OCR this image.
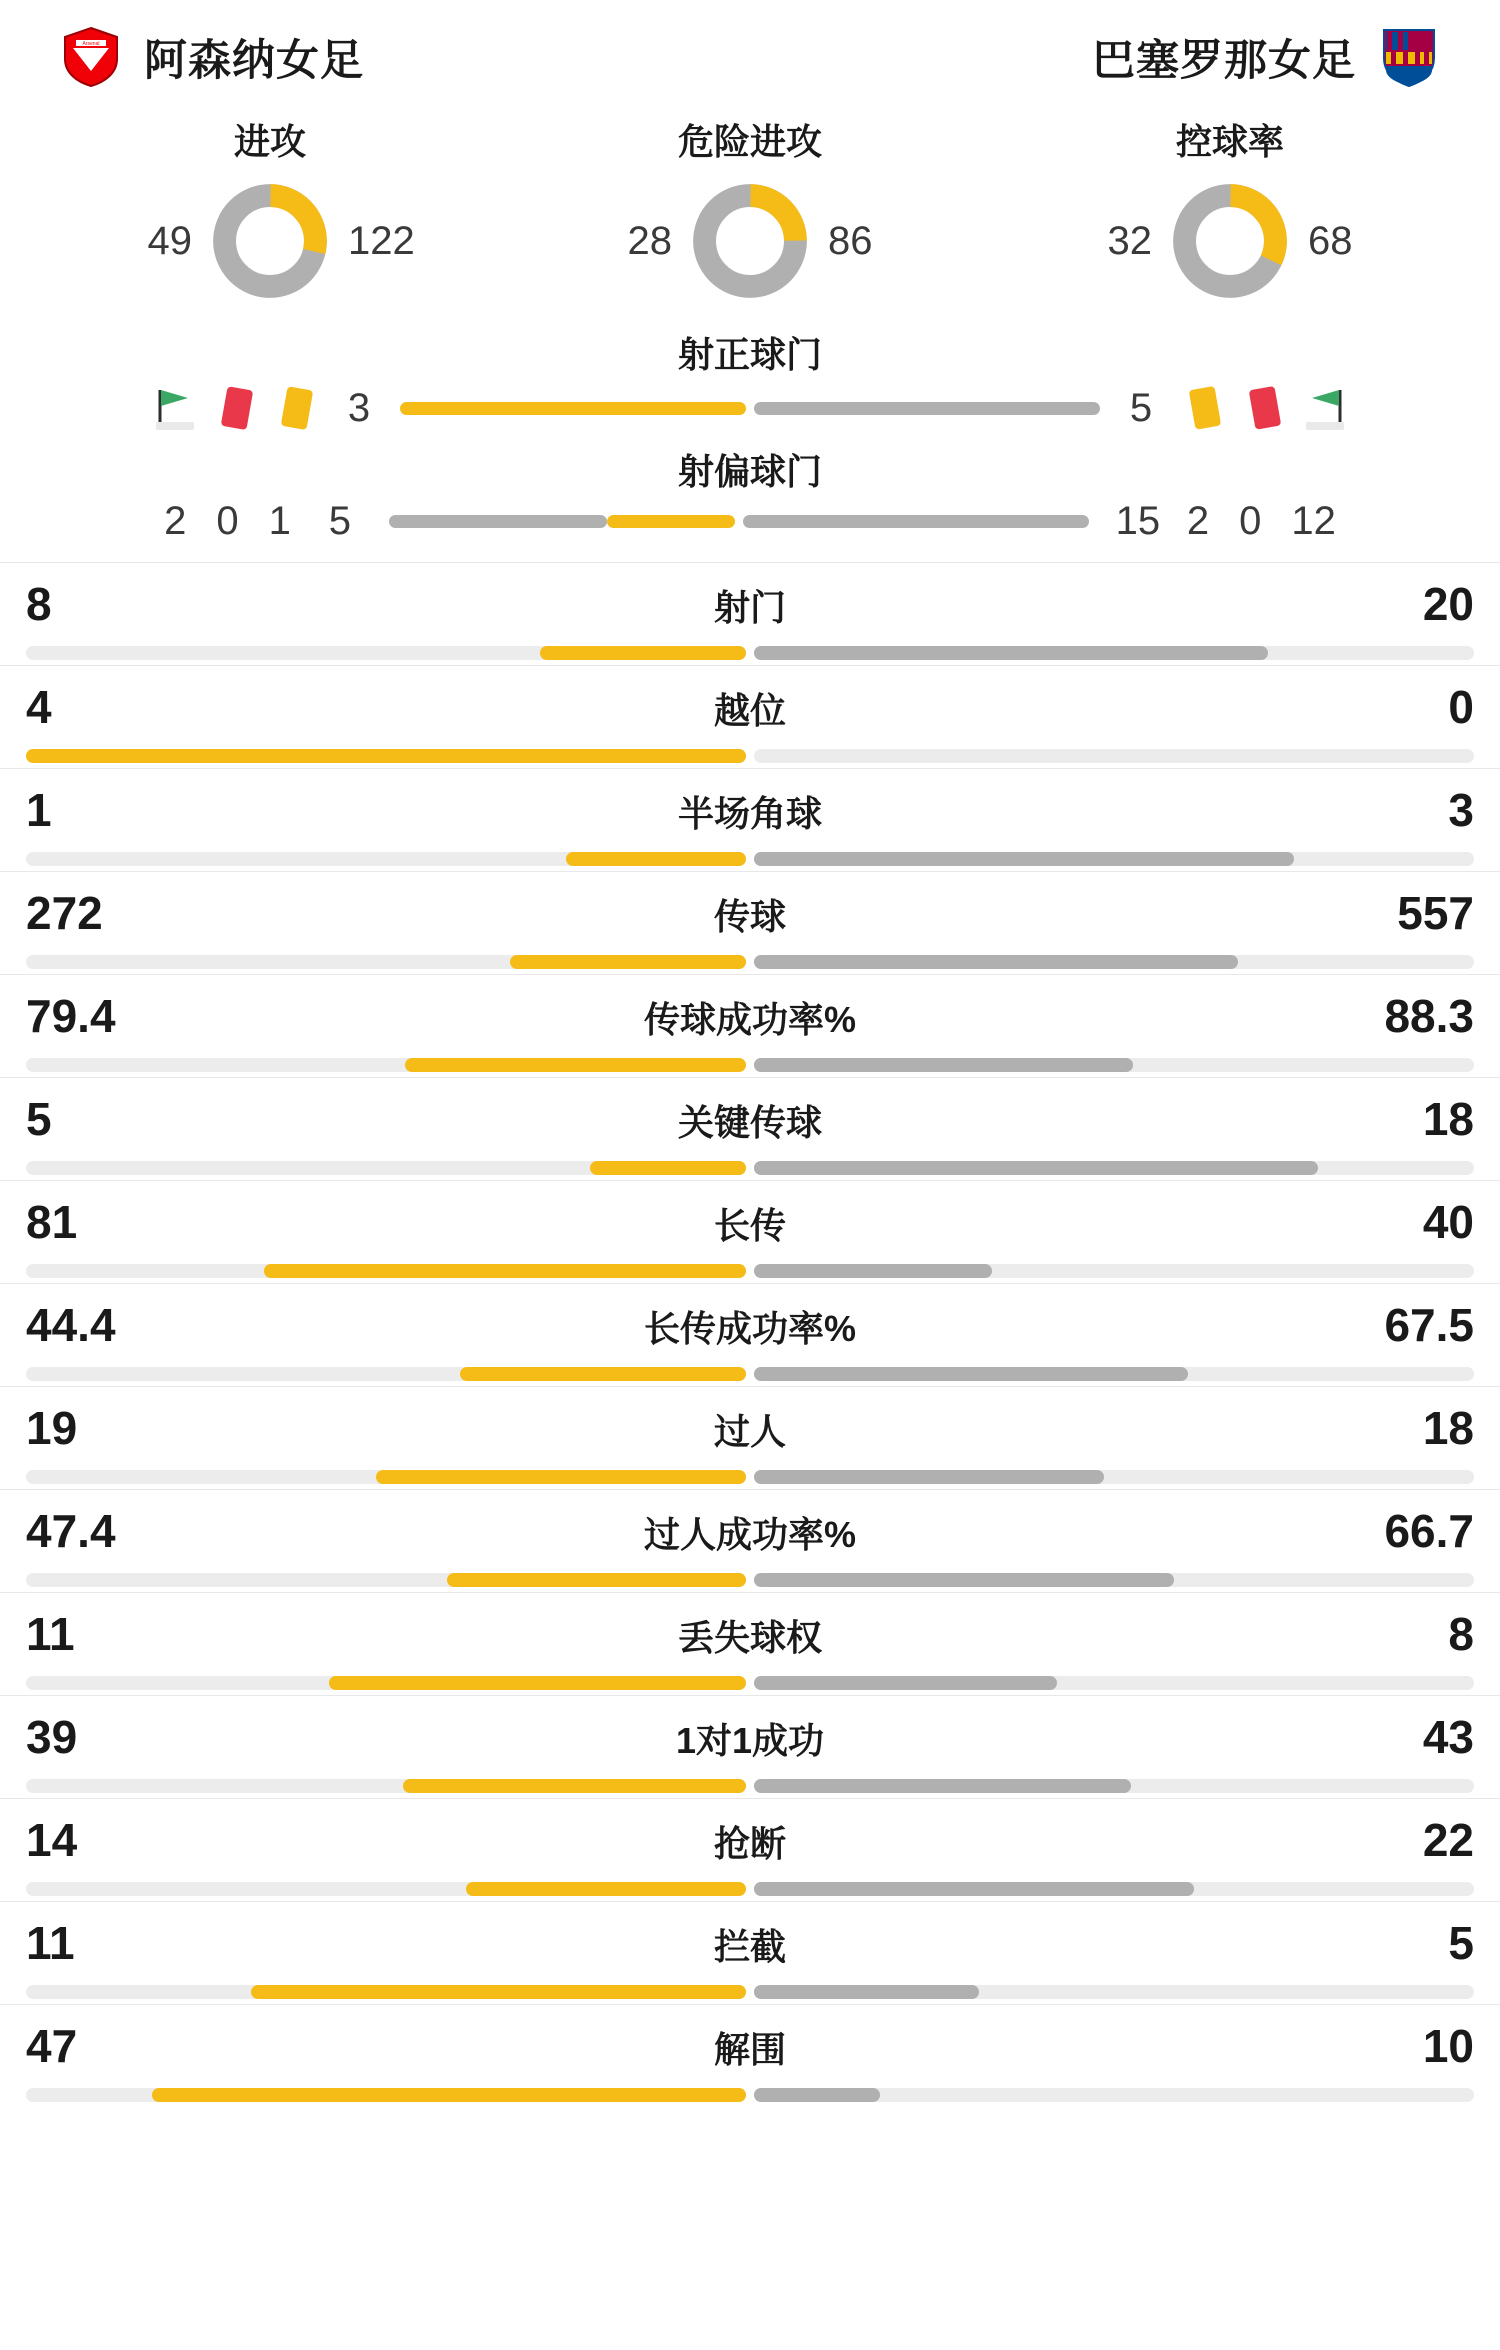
Arsenal 阿森纳女足	巴塞罗那女足
进攻
49	122
危险进攻
28	86
控球率
32	68
射正球门
3	5
射偏球门
2 0 1 5	15 2 0 12
8	射门	20
4	越位	0
1	半场角球	3
272	传球	557
79.4	传球成功率%	88.3
5	关键传球	18
81	长传	40
44.4	长传成功率%	67.5
19	过人	18
47.4	过人成功率%	66.7
11	丢失球权	8
39	1对1成功	43
14	抢断	22
11	拦截	5
47	解围	10
